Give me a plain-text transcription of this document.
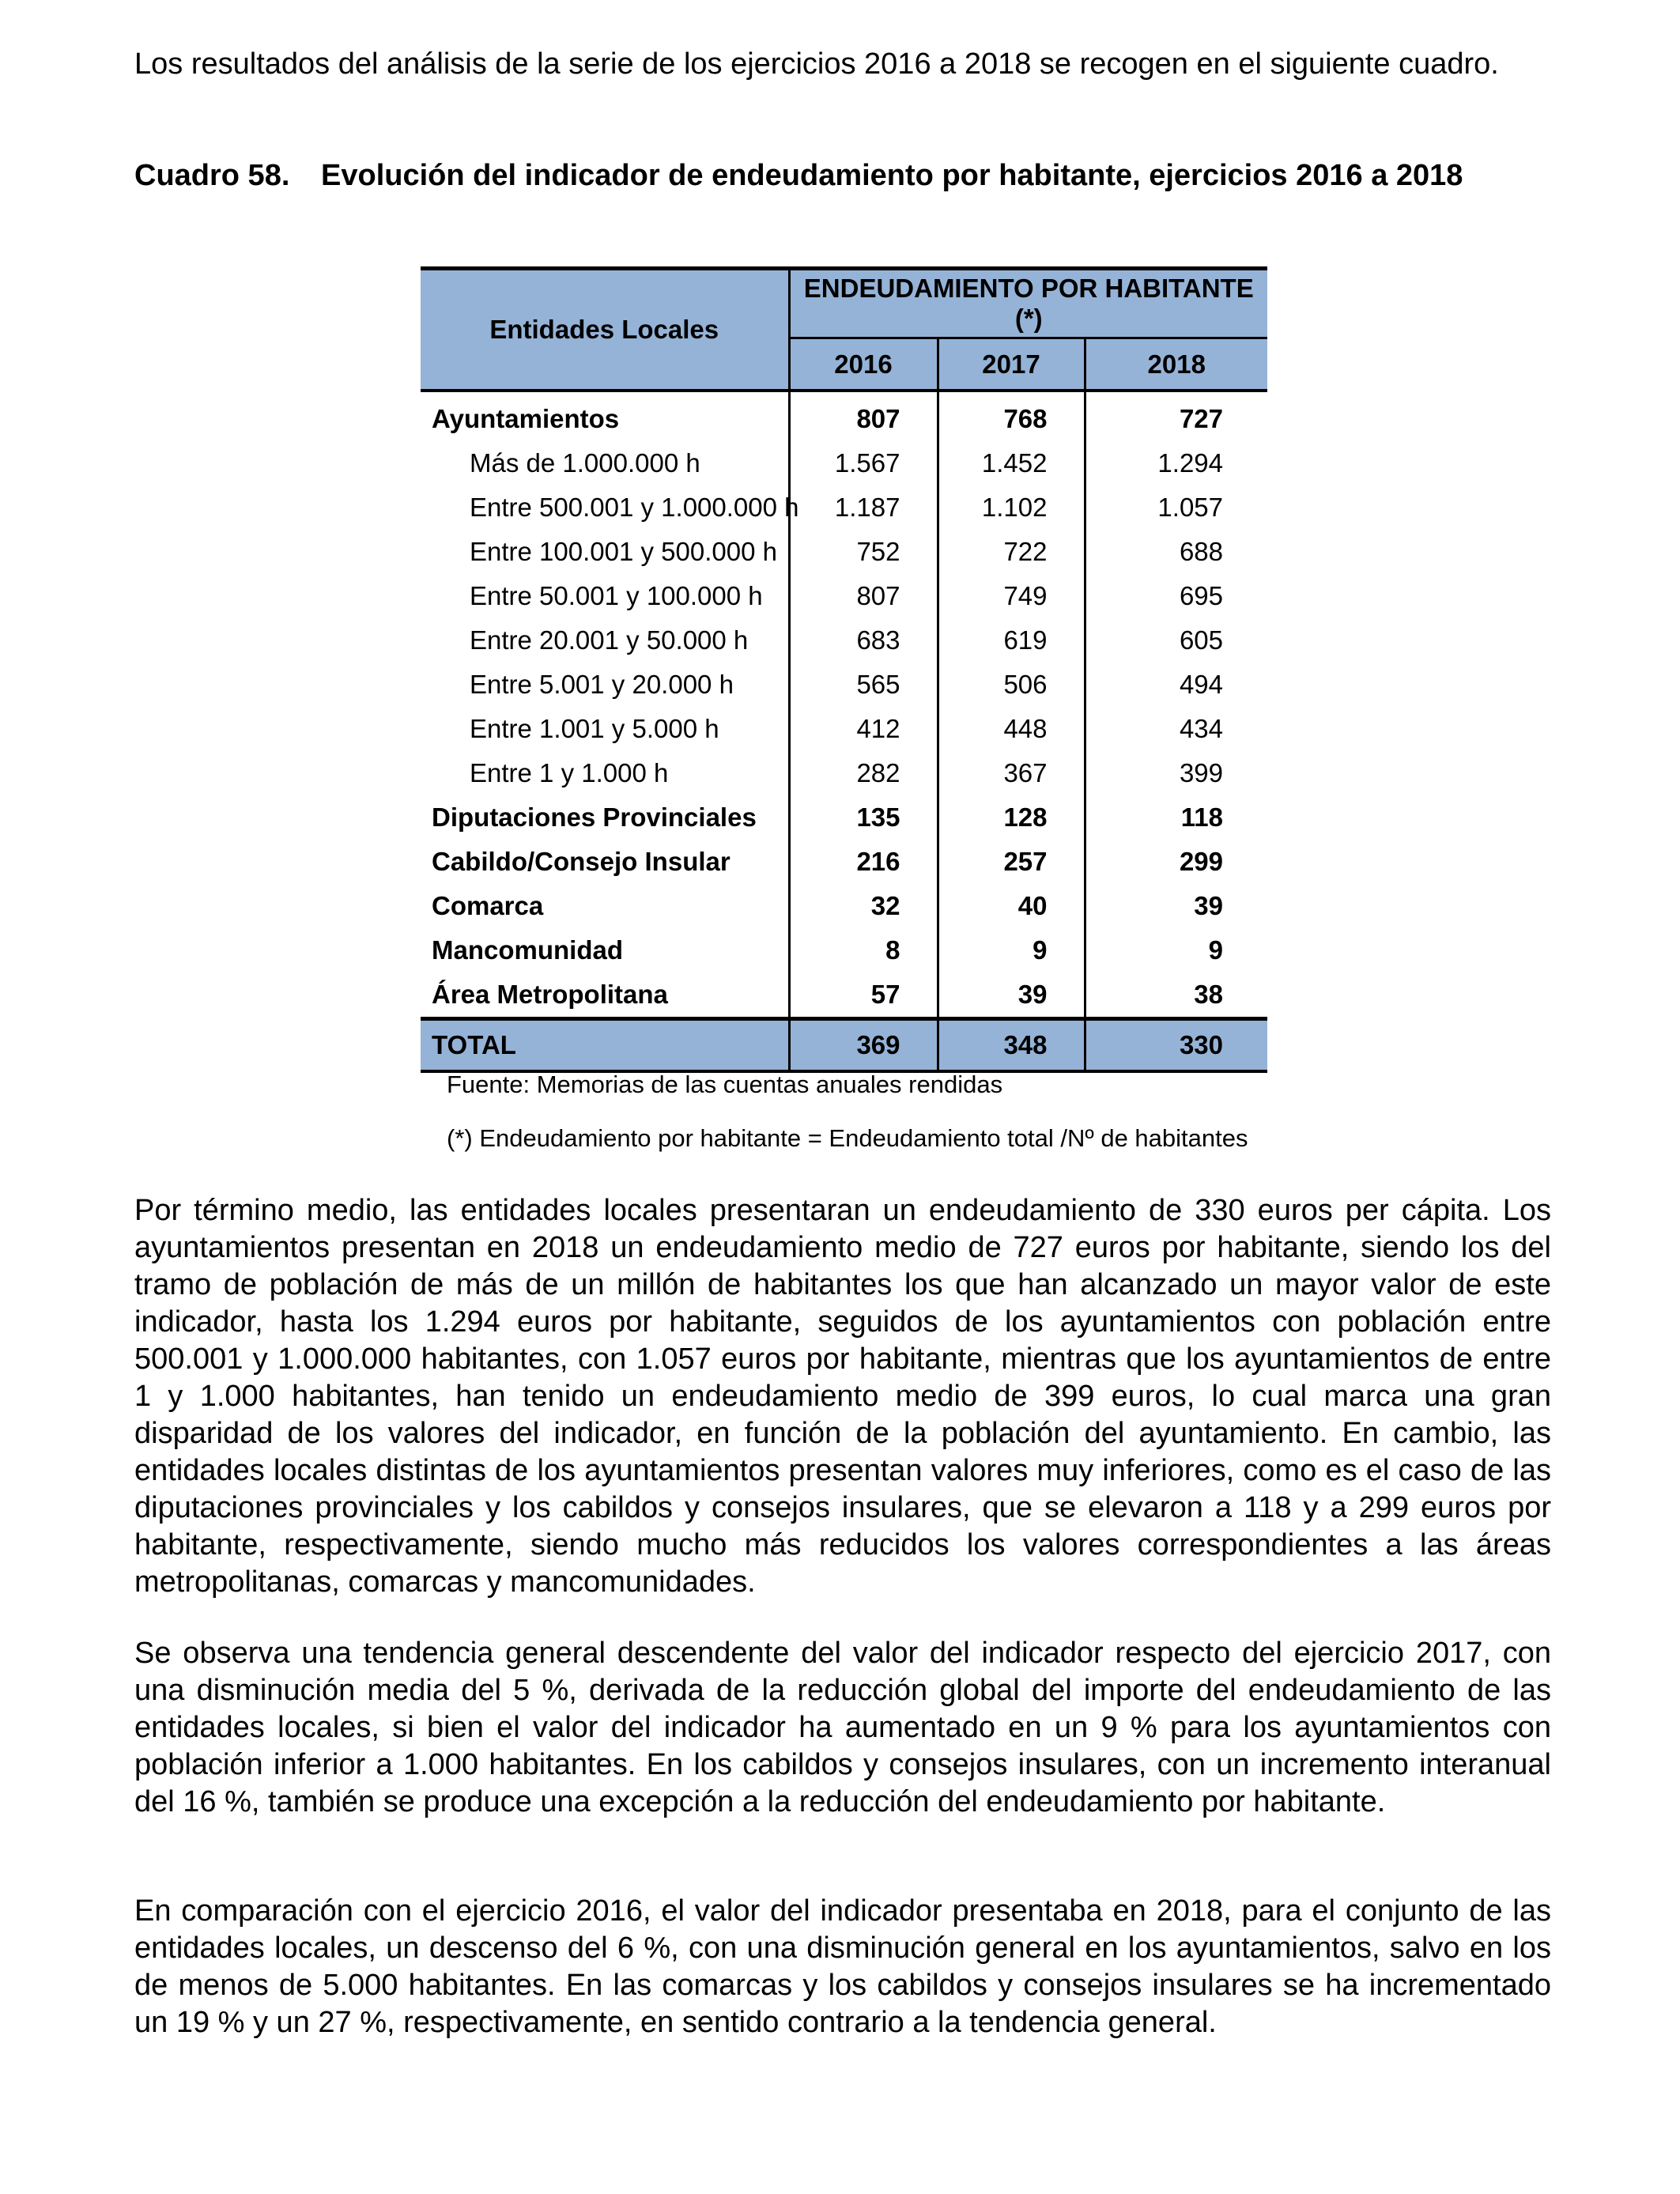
Los resultados del análisis de la serie de los ejercicios 2016 a 2018 se recogen en el siguiente cuadro.

Cuadro 58. Evolución del indicador de endeudamiento por habitante, ejercicios 2016 a 2018
Entidades Locales	ENDEUDAMIENTO POR HABITANTE (*)		
	2016	2017	2018
Ayuntamientos	807	768	727
Más de 1.000.000 h	1.567	1.452	1.294
Entre 500.001 y 1.000.000 h	1.187	1.102	1.057
Entre 100.001 y 500.000 h	752	722	688
Entre 50.001 y 100.000 h	807	749	695
Entre 20.001 y 50.000 h	683	619	605
Entre 5.001 y 20.000 h	565	506	494
Entre 1.001 y 5.000 h	412	448	434
Entre 1 y 1.000 h	282	367	399
Diputaciones Provinciales	135	128	118
Cabildo/Consejo Insular	216	257	299
Comarca	32	40	39
Mancomunidad	8	9	9
Área Metropolitana	57	39	38
TOTAL	369	348	330
Fuente: Memorias de las cuentas anuales rendidas
(*) Endeudamiento por habitante = Endeudamiento total /Nº de habitantes

Por término medio, las entidades locales presentaran un endeudamiento de 330 euros per cápita. Los ayuntamientos presentan en 2018 un endeudamiento medio de 727 euros por habitante, siendo los del tramo de población de más de un millón de habitantes los que han alcanzado un mayor valor de este indicador, hasta los 1.294 euros por habitante, seguidos de los ayuntamientos con población entre 500.001 y 1.000.000 habitantes, con 1.057 euros por habitante, mientras que los ayuntamientos de entre 1 y 1.000 habitantes, han tenido un endeudamiento medio de 399 euros, lo cual marca una gran disparidad de los valores del indicador, en función de la población del ayuntamiento. En cambio, las entidades locales distintas de los ayuntamientos presentan valores muy inferiores, como es el caso de las diputaciones provinciales y los cabildos y consejos insulares, que se elevaron a 118 y a 299 euros por habitante, respectivamente, siendo mucho más reducidos los valores correspondientes a las áreas metropolitanas, comarcas y mancomunidades.

Se observa una tendencia general descendente del valor del indicador respecto del ejercicio 2017, con una disminución media del 5 %, derivada de la reducción global del importe del endeudamiento de las entidades locales, si bien el valor del indicador ha aumentado en un 9 % para los ayuntamientos con población inferior a 1.000 habitantes. En los cabildos y consejos insulares, con un incremento interanual del 16 %, también se produce una excepción a la reducción del endeudamiento por habitante.

En comparación con el ejercicio 2016, el valor del indicador presentaba en 2018, para el conjunto de las entidades locales, un descenso del 6 %, con una disminución general en los ayuntamientos, salvo en los de menos de 5.000 habitantes. En las comarcas y los cabildos y consejos insulares se ha incrementado un 19 % y un 27 %, respectivamente, en sentido contrario a la tendencia general.
